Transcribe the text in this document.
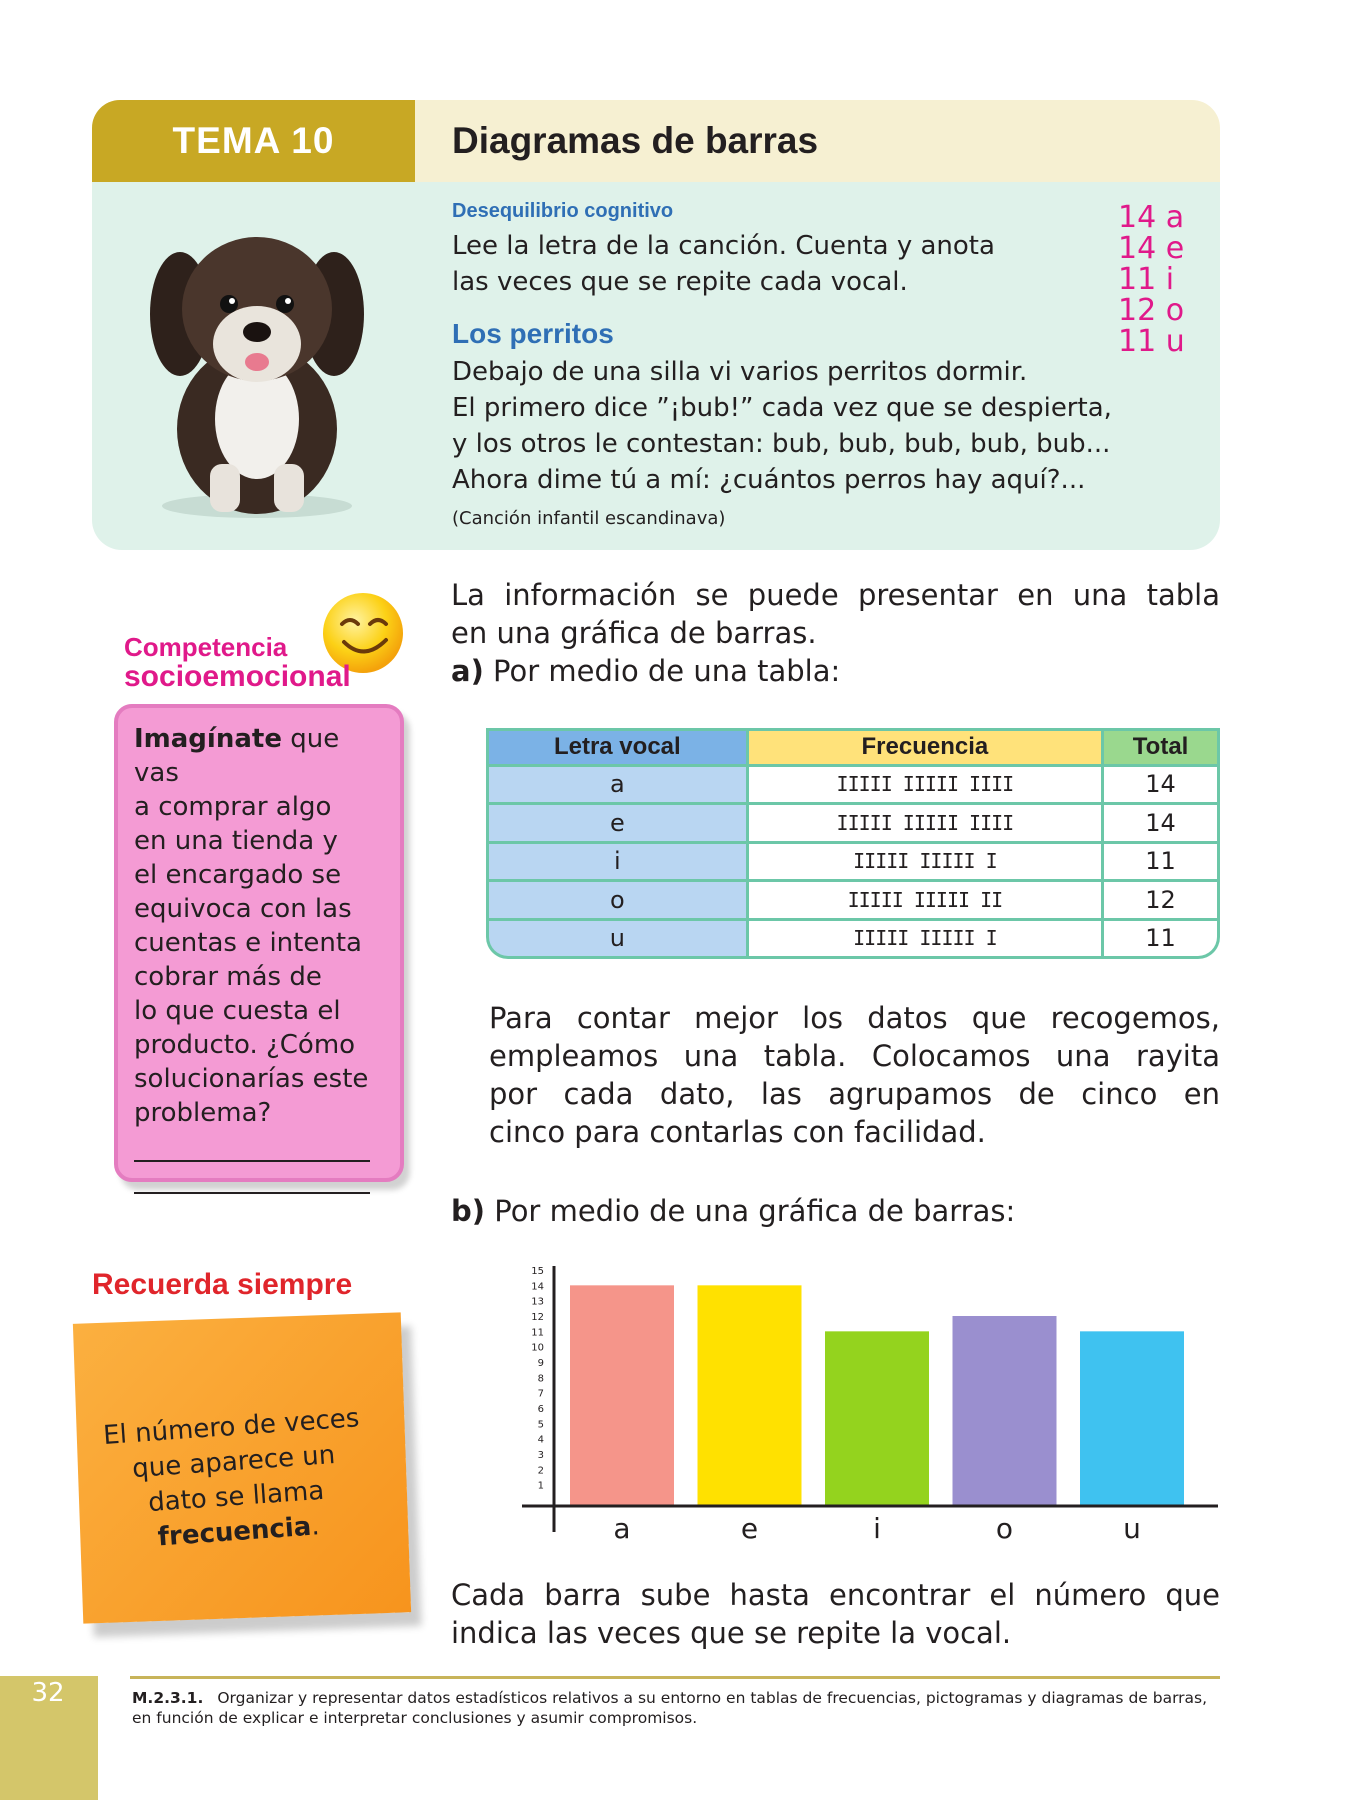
TEMA 10	Diagramas de barras
Desequilibrio cognitivo
Lee la letra de la canción. Cuenta y anota
las veces que se repite cada vocal.
Los perritos
Debajo de una silla vi varios perritos dormir.
El primero dice ”¡bub!” cada vez que se despierta,
y los otros le contestan: bub, bub, bub, bub, bub...
Ahora dime tú a mí: ¿cuántos perros hay aquí?...
(Canción infantil escandinava)
14 a
14 e
11 i
12 o
11 u
Competencia
socioemocional
Imagínate que vas
a comprar algo
en una tienda y
el encargado se
equivoca con las
cuentas e intenta
cobrar más de
lo que cuesta el
producto. ¿Cómo
solucionarías este
problema?
Recuerda siempre
El número de veces
que aparece un
dato se llama
frecuencia.
La información se puede presentar en una tabla
en una gráfica de barras.
a) Por medio de una tabla:
Letra vocal	Frecuencia	Total
a	IIIII IIIII IIII	14
e	IIIII IIIII IIII	14
i	IIIII IIIII I	11
o	IIIII IIIII II	12
u	IIIII IIIII I	11
Para contar mejor los datos que recogemos,
empleamos una tabla. Colocamos una rayita
por cada dato, las agrupamos de cinco en
cinco para contarlas con facilidad.
b) Por medio de una gráfica de barras:
1
2
3
4
5
6
7
8
9
10
11
12
13
14
15
a	e	i	o	u
Cada barra sube hasta encontrar el número que
indica las veces que se repite la vocal.
32	M.2.3.1. Organizar y representar datos estadísticos relativos a su entorno en tablas de frecuencias, pictogramas y diagramas de barras, en función de explicar e interpretar conclusiones y asumir compromisos.
